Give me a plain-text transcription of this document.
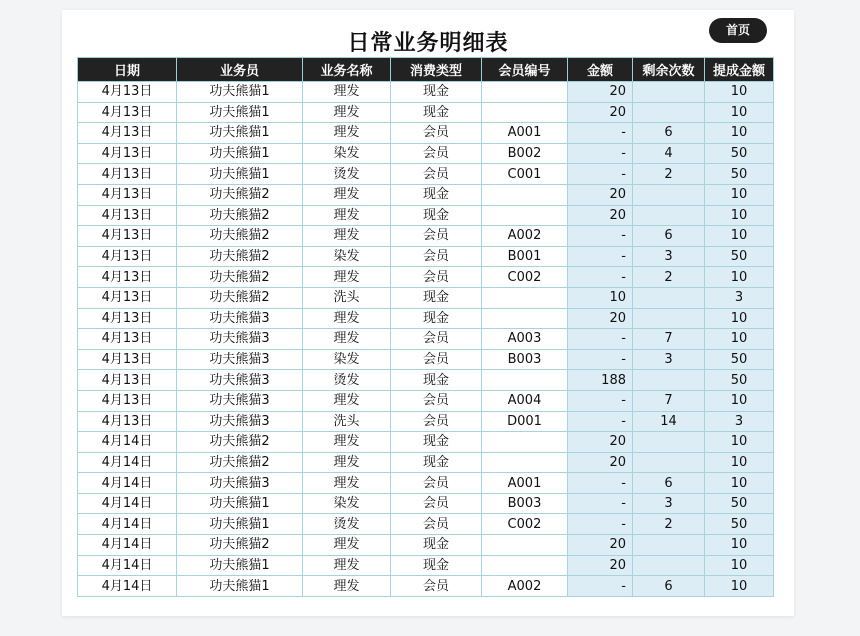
日常业务明细表
首页
日期	业务员	业务名称	消费类型	会员编号	金额	剩余次数	提成金额
4月13日	功夫熊猫1	理发	现金		20		10
4月13日	功夫熊猫1	理发	现金		20		10
4月13日	功夫熊猫1	理发	会员	A001	-	6	10
4月13日	功夫熊猫1	染发	会员	B002	-	4	50
4月13日	功夫熊猫1	烫发	会员	C001	-	2	50
4月13日	功夫熊猫2	理发	现金		20		10
4月13日	功夫熊猫2	理发	现金		20		10
4月13日	功夫熊猫2	理发	会员	A002	-	6	10
4月13日	功夫熊猫2	染发	会员	B001	-	3	50
4月13日	功夫熊猫2	理发	会员	C002	-	2	10
4月13日	功夫熊猫2	洗头	现金		10		3
4月13日	功夫熊猫3	理发	现金		20		10
4月13日	功夫熊猫3	理发	会员	A003	-	7	10
4月13日	功夫熊猫3	染发	会员	B003	-	3	50
4月13日	功夫熊猫3	烫发	现金		188		50
4月13日	功夫熊猫3	理发	会员	A004	-	7	10
4月13日	功夫熊猫3	洗头	会员	D001	-	14	3
4月14日	功夫熊猫2	理发	现金		20		10
4月14日	功夫熊猫2	理发	现金		20		10
4月14日	功夫熊猫3	理发	会员	A001	-	6	10
4月14日	功夫熊猫1	染发	会员	B003	-	3	50
4月14日	功夫熊猫1	烫发	会员	C002	-	2	50
4月14日	功夫熊猫2	理发	现金		20		10
4月14日	功夫熊猫1	理发	现金		20		10
4月14日	功夫熊猫1	理发	会员	A002	-	6	10
